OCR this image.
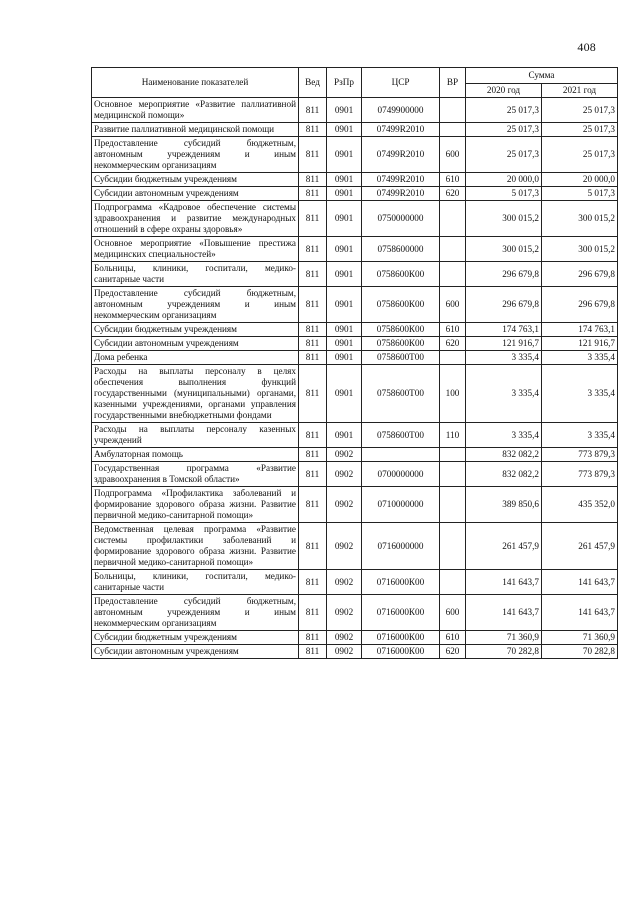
408
Наименование показателей	Вед	РзПр	ЦСР	ВР	Сумма	
					2020 год	2021 год
Основное мероприятие «Развитие паллиативной медицинской помощи»	811	0901	0749900000		25 017,3	25 017,3
Развитие паллиативной медицинской помощи	811	0901	07499R2010		25 017,3	25 017,3
Предоставление субсидий бюджетным, автономным учреждениям и иным некоммерческим организациям	811	0901	07499R2010	600	25 017,3	25 017,3
Субсидии бюджетным учреждениям	811	0901	07499R2010	610	20 000,0	20 000,0
Субсидии автономным учреждениям	811	0901	07499R2010	620	5 017,3	5 017,3
Подпрограмма «Кадровое обеспечение системы здравоохранения и развитие международных отношений в сфере охраны здоровья»	811	0901	0750000000		300 015,2	300 015,2
Основное мероприятие «Повышение престижа медицинских специальностей»	811	0901	0758600000		300 015,2	300 015,2
Больницы, клиники, госпитали, медико-санитарные части	811	0901	0758600К00		296 679,8	296 679,8
Предоставление субсидий бюджетным, автономным учреждениям и иным некоммерческим организациям	811	0901	0758600К00	600	296 679,8	296 679,8
Субсидии бюджетным учреждениям	811	0901	0758600К00	610	174 763,1	174 763,1
Субсидии автономным учреждениям	811	0901	0758600К00	620	121 916,7	121 916,7
Дома ребенка	811	0901	0758600Т00		3 335,4	3 335,4
Расходы на выплаты персоналу в целях обеспечения выполнения функций государственными (муниципальными) органами, казенными учреждениями, органами управления государственными внебюджетными фондами	811	0901	0758600Т00	100	3 335,4	3 335,4
Расходы на выплаты персоналу казенных учреждений	811	0901	0758600Т00	110	3 335,4	3 335,4
Амбулаторная помощь	811	0902			832 082,2	773 879,3
Государственная программа «Развитие здравоохранения в Томской области»	811	0902	0700000000		832 082,2	773 879,3
Подпрограмма «Профилактика заболеваний и формирование здорового образа жизни. Развитие первичной медико-санитарной помощи»	811	0902	0710000000		389 850,6	435 352,0
Ведомственная целевая программа «Развитие системы профилактики заболеваний и формирование здорового образа жизни. Развитие первичной медико-санитарной помощи»	811	0902	0716000000		261 457,9	261 457,9
Больницы, клиники, госпитали, медико-санитарные части	811	0902	0716000К00		141 643,7	141 643,7
Предоставление субсидий бюджетным, автономным учреждениям и иным некоммерческим организациям	811	0902	0716000К00	600	141 643,7	141 643,7
Субсидии бюджетным учреждениям	811	0902	0716000К00	610	71 360,9	71 360,9
Субсидии автономным учреждениям	811	0902	0716000К00	620	70 282,8	70 282,8
